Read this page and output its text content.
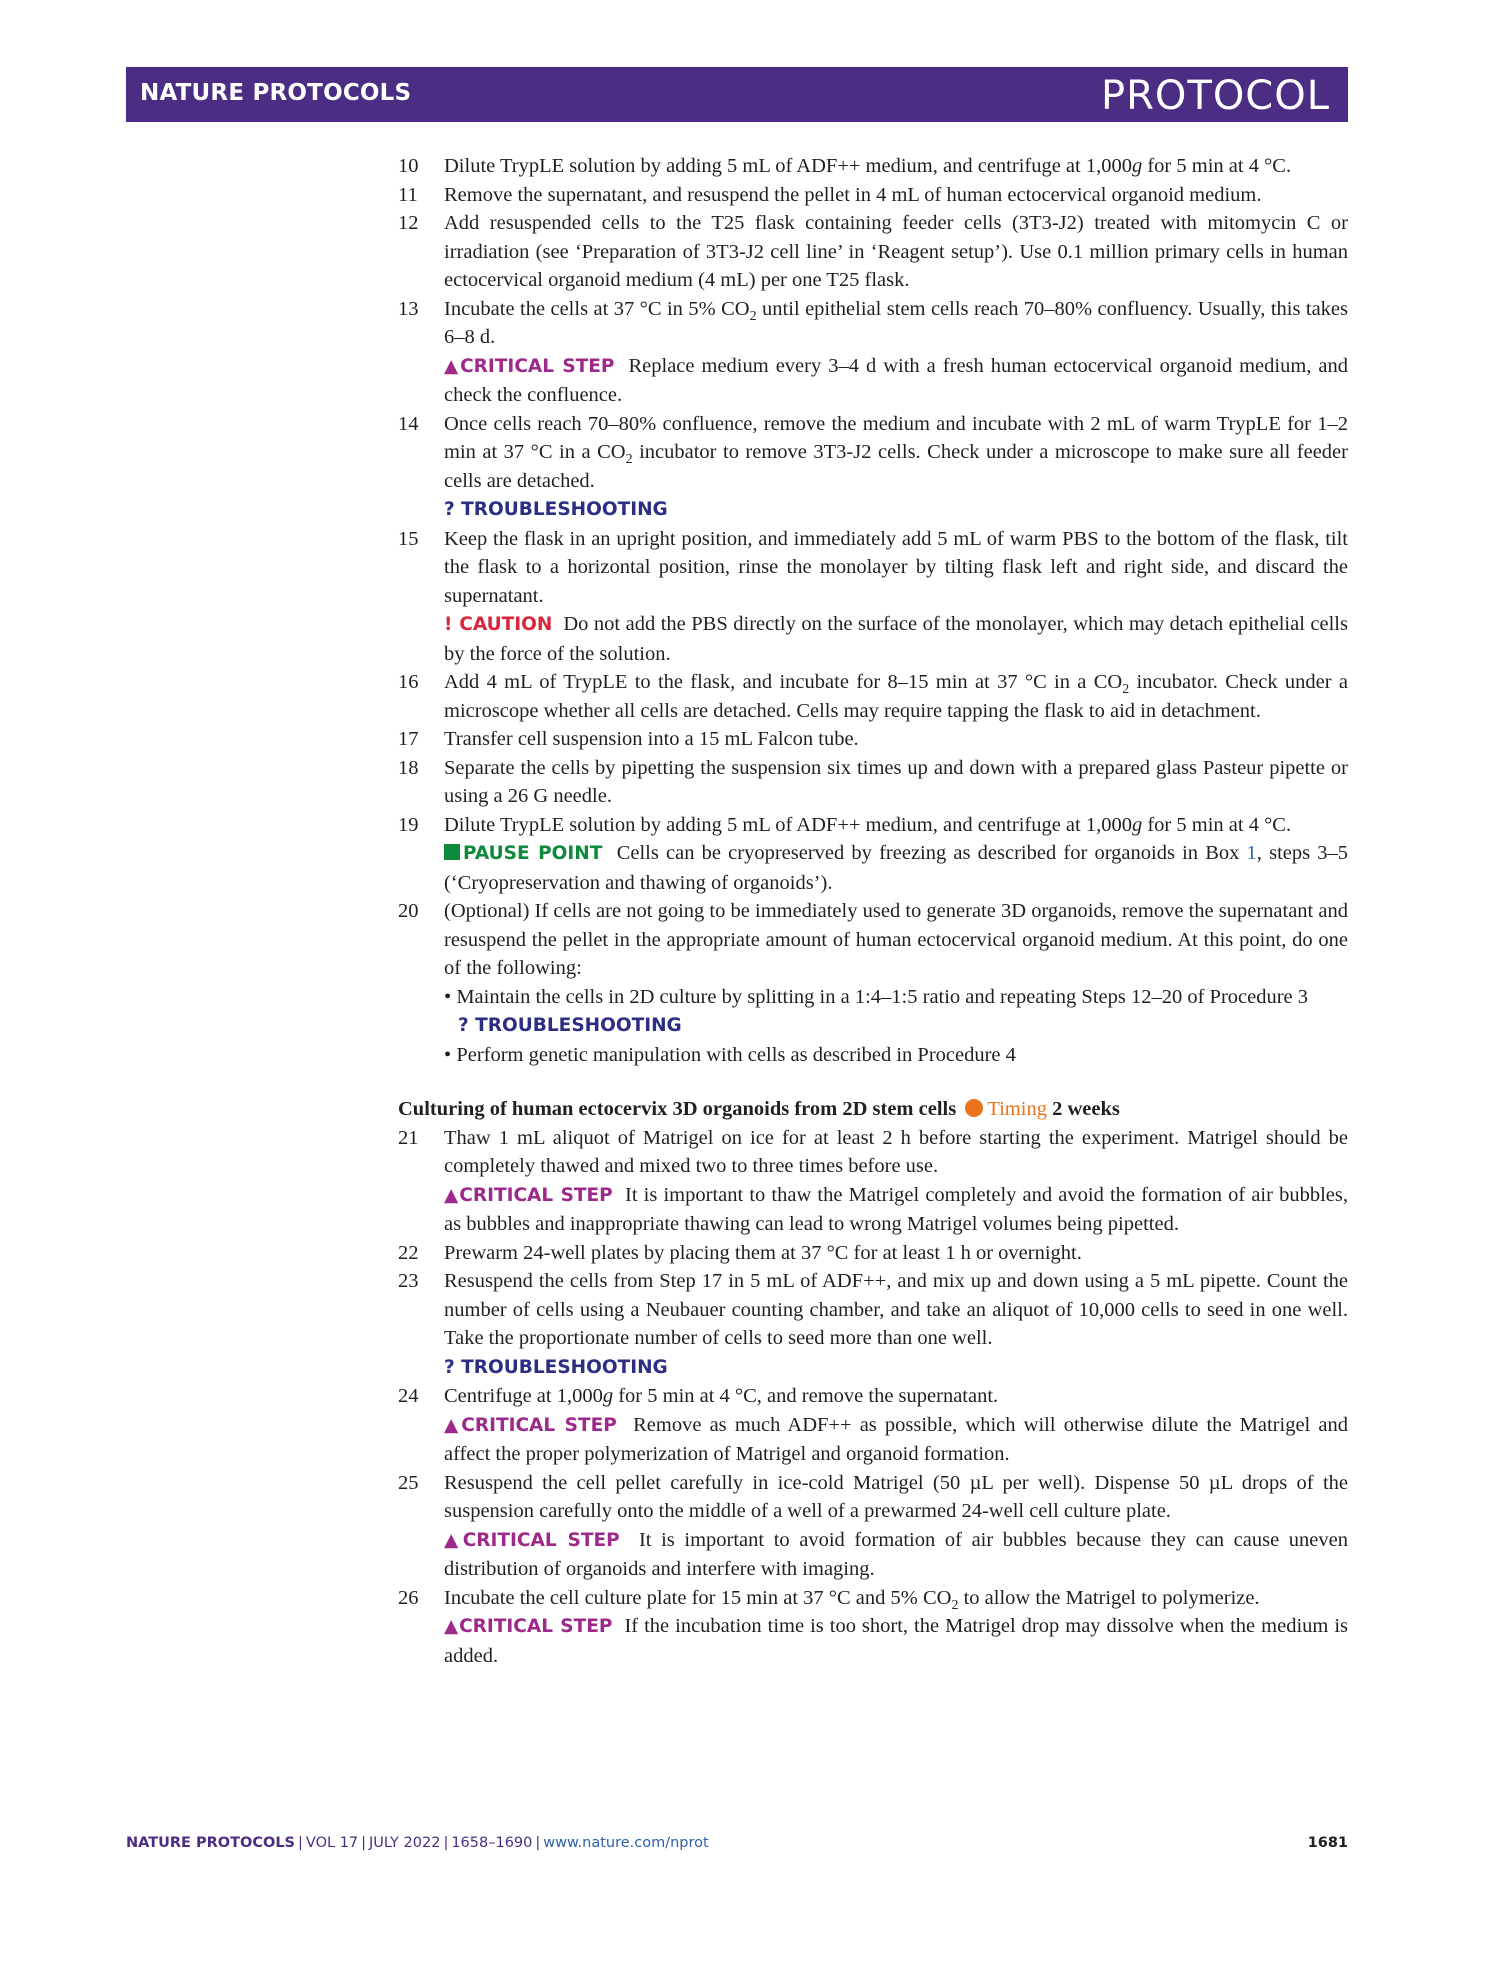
NATURE PROTOCOLS	PROTOCOL
10 Dilute TrypLE solution by adding 5 mL of ADF++ medium, and centrifuge at 1,000g for 5 min at 4 °C.
11 Remove the supernatant, and resuspend the pellet in 4 mL of human ectocervical organoid medium.
12 Add resuspended cells to the T25 flask containing feeder cells (3T3-J2) treated with mitomycin C or irradiation (see ‘Preparation of 3T3-J2 cell line’ in ‘Reagent setup’). Use 0.1 million primary cells in human ectocervical organoid medium (4 mL) per one T25 flask.
13 Incubate the cells at 37 °C in 5% $CO_2$ until epithelial stem cells reach 70–80% confluency. Usually, this takes 6–8 d.
▲CRITICAL STEP Replace medium every 3–4 d with a fresh human ectocervical organoid medium, and check the confluence.
14 Once cells reach 70–80% confluence, remove the medium and incubate with 2 mL of warm TrypLE for 1–2 min at 37 °C in a $CO_2$ incubator to remove 3T3-J2 cells. Check under a microscope to make sure all feeder cells are detached.
? TROUBLESHOOTING
15 Keep the flask in an upright position, and immediately add 5 mL of warm PBS to the bottom of the flask, tilt the flask to a horizontal position, rinse the monolayer by tilting flask left and right side, and discard the supernatant.
! CAUTION Do not add the PBS directly on the surface of the monolayer, which may detach epithelial cells by the force of the solution.
16 Add 4 mL of TrypLE to the flask, and incubate for 8–15 min at 37 °C in a $CO_2$ incubator. Check under a microscope whether all cells are detached. Cells may require tapping the flask to aid in detachment.
17 Transfer cell suspension into a 15 mL Falcon tube.
18 Separate the cells by pipetting the suspension six times up and down with a prepared glass Pasteur pipette or using a 26 G needle.
19 Dilute TrypLE solution by adding 5 mL of ADF++ medium, and centrifuge at 1,000g for 5 min at 4 °C.
PAUSE POINT Cells can be cryopreserved by freezing as described for organoids in Box 1, steps 3–5 (‘Cryopreservation and thawing of organoids’).
20 (Optional) If cells are not going to be immediately used to generate 3D organoids, remove the supernatant and resuspend the pellet in the appropriate amount of human ectocervical organoid medium. At this point, do one of the following:
• Maintain the cells in 2D culture by splitting in a 1:4–1:5 ratio and repeating Steps 12–20 of Procedure 3
? TROUBLESHOOTING
• Perform genetic manipulation with cells as described in Procedure 4
Culturing of human ectocervix 3D organoids from 2D stem cells Timing 2 weeks
21 Thaw 1 mL aliquot of Matrigel on ice for at least 2 h before starting the experiment. Matrigel should be completely thawed and mixed two to three times before use.
▲CRITICAL STEP It is important to thaw the Matrigel completely and avoid the formation of air bubbles, as bubbles and inappropriate thawing can lead to wrong Matrigel volumes being pipetted.
22 Prewarm 24-well plates by placing them at 37 °C for at least 1 h or overnight.
23 Resuspend the cells from Step 17 in 5 mL of ADF++, and mix up and down using a 5 mL pipette. Count the number of cells using a Neubauer counting chamber, and take an aliquot of 10,000 cells to seed in one well. Take the proportionate number of cells to seed more than one well.
? TROUBLESHOOTING
24 Centrifuge at 1,000g for 5 min at 4 °C, and remove the supernatant.
▲CRITICAL STEP Remove as much ADF++ as possible, which will otherwise dilute the Matrigel and affect the proper polymerization of Matrigel and organoid formation.
25 Resuspend the cell pellet carefully in ice-cold Matrigel (50 µL per well). Dispense 50 µL drops of the suspension carefully onto the middle of a well of a prewarmed 24-well cell culture plate.
▲CRITICAL STEP It is important to avoid formation of air bubbles because they can cause uneven distribution of organoids and interfere with imaging.
26 Incubate the cell culture plate for 15 min at 37 °C and 5% $CO_2$ to allow the Matrigel to polymerize.
▲CRITICAL STEP If the incubation time is too short, the Matrigel drop may dissolve when the medium is added.
NATURE PROTOCOLS | VOL 17 | JULY 2022 | 1658–1690 | www.nature.com/nprot	1681
